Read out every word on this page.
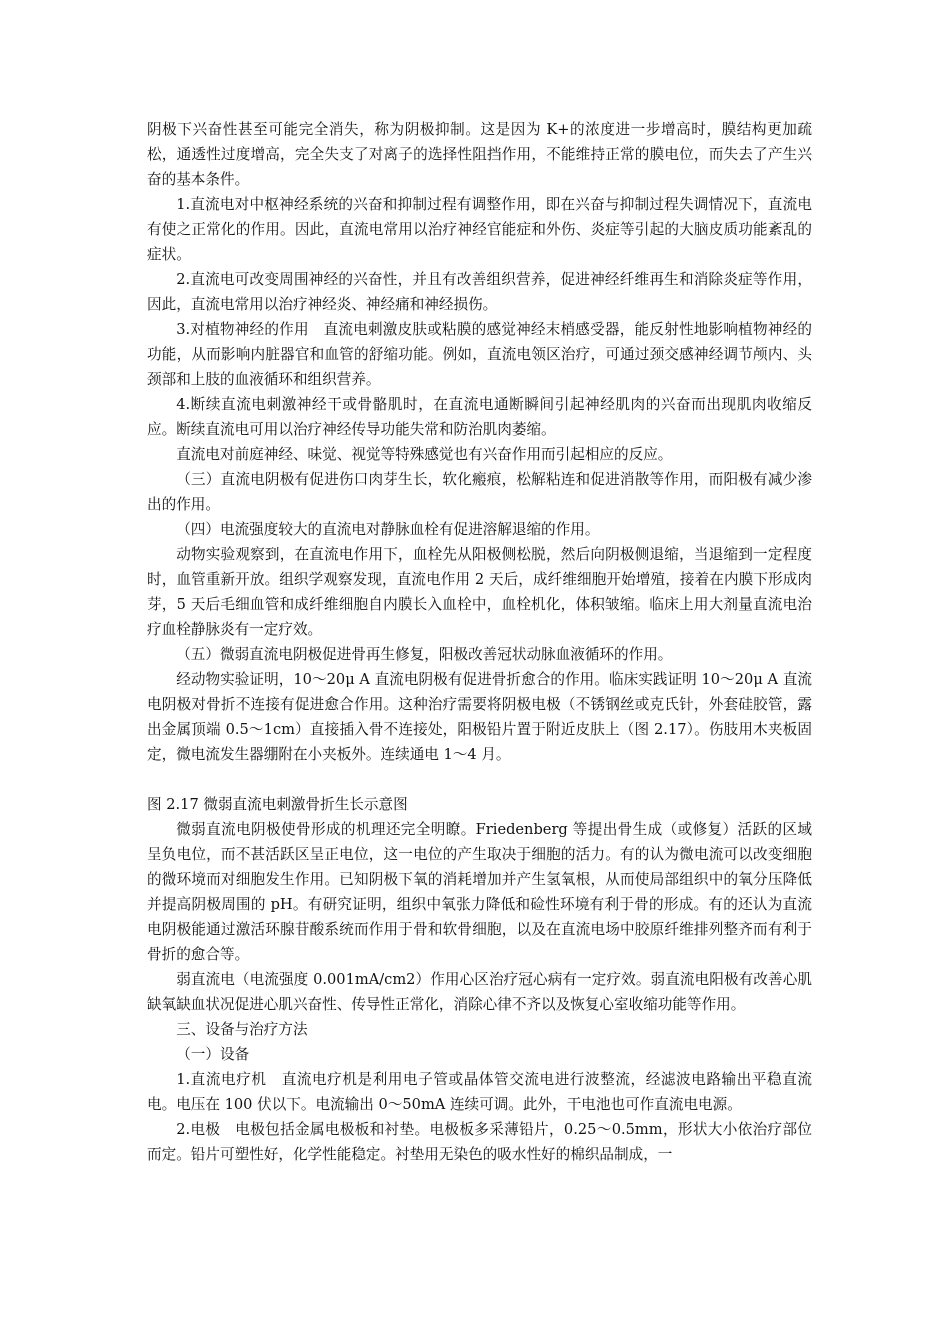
阴极下兴奋性甚至可能完全消失，称为阴极抑制。这是因为 K+的浓度进一步增高时，膜结构更加疏松，通透性过度增高，完全失支了对离子的选择性阻挡作用，不能维持正常的膜电位，而失去了产生兴奋的基本条件。

1.直流电对中枢神经系统的兴奋和抑制过程有调整作用，即在兴奋与抑制过程失调情况下，直流电有使之正常化的作用。因此，直流电常用以治疗神经官能症和外伤、炎症等引起的大脑皮质功能紊乱的症状。

2.直流电可改变周围神经的兴奋性，并且有改善组织营养，促进神经纤维再生和消除炎症等作用，因此，直流电常用以治疗神经炎、神经痛和神经损伤。

3.对植物神经的作用　直流电刺激皮肤或粘膜的感觉神经末梢感受器，能反射性地影响植物神经的功能，从而影响内脏器官和血管的舒缩功能。例如，直流电领区治疗，可通过颈交感神经调节颅内、头颈部和上肢的血液循环和组织营养。

4.断续直流电刺激神经干或骨骼肌时，在直流电通断瞬间引起神经肌肉的兴奋而出现肌肉收缩反应。断续直流电可用以治疗神经传导功能失常和防治肌肉萎缩。

直流电对前庭神经、味觉、视觉等特殊感觉也有兴奋作用而引起相应的反应。

（三）直流电阴极有促进伤口肉芽生长，软化瘢痕，松解粘连和促进消散等作用，而阳极有减少渗出的作用。

（四）电流强度较大的直流电对静脉血栓有促进溶解退缩的作用。

动物实验观察到，在直流电作用下，血栓先从阳极侧松脱，然后向阴极侧退缩，当退缩到一定程度时，血管重新开放。组织学观察发现，直流电作用 2 天后，成纤维细胞开始增殖，接着在内膜下形成肉芽，5 天后毛细血管和成纤维细胞自内膜长入血栓中，血栓机化，体积皱缩。临床上用大剂量直流电治疗血栓静脉炎有一定疗效。

（五）微弱直流电阴极促进骨再生修复，阳极改善冠状动脉血液循环的作用。

经动物实验证明，10～20μ A 直流电阴极有促进骨折愈合的作用。临床实践证明 10～20μ A 直流电阴极对骨折不连接有促进愈合作用。这种治疗需要将阴极电极（不锈钢丝或克氏针，外套硅胶管，露出金属顶端 0.5～1cm）直接插入骨不连接处，阳极铅片置于附近皮肤上（图 2.17）。伤肢用木夹板固定，微电流发生器绷附在小夹板外。连续通电 1～4 月。

图 2.17 微弱直流电刺激骨折生长示意图

微弱直流电阴极使骨形成的机理还完全明瞭。Friedenberg 等提出骨生成（或修复）活跃的区域呈负电位，而不甚活跃区呈正电位，这一电位的产生取决于细胞的活力。有的认为微电流可以改变细胞的微环境而对细胞发生作用。已知阴极下氧的消耗增加并产生氢氧根，从而使局部组织中的氧分压降低并提高阴极周围的 pH。有研究证明，组织中氧张力降低和硷性环境有利于骨的形成。有的还认为直流电阴极能通过激活环腺苷酸系统而作用于骨和软骨细胞，以及在直流电场中胶原纤维排列整齐而有利于骨折的愈合等。

弱直流电（电流强度 0.001mA/cm2）作用心区治疗冠心病有一定疗效。弱直流电阳极有改善心肌缺氧缺血状况促进心肌兴奋性、传导性正常化，消除心律不齐以及恢复心室收缩功能等作用。

三、设备与治疗方法

（一）设备

1.直流电疗机　直流电疗机是利用电子管或晶体管交流电进行波整流，经滤波电路输出平稳直流电。电压在 100 伏以下。电流输出 0～50mA 连续可调。此外，干电池也可作直流电电源。

2.电极　电极包括金属电极板和衬垫。电极板多采薄铅片，0.25～0.5mm，形状大小依治疗部位而定。铅片可塑性好，化学性能稳定。衬垫用无染色的吸水性好的棉织品制成，一
